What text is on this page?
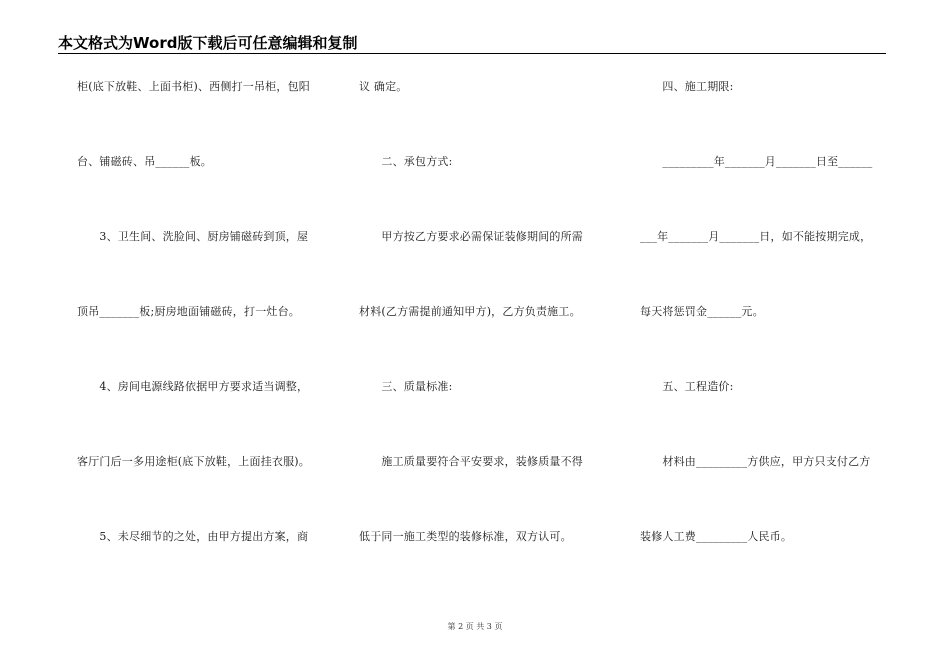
本文格式为Word版下载后可任意编辑和复制
柜(底下放鞋、上面书柜)、西侧打一吊柜，包阳
台、铺磁砖、吊______板。
　　3、卫生间、洗脸间、厨房铺磁砖到顶，屋
顶吊_______板;厨房地面铺磁砖，打一灶台。
　　4、房间电源线路依据甲方要求适当调整，
客厅门后一多用途柜(底下放鞋，上面挂衣服)。
　　5、未尽细节的之处，由甲方提出方案，商
议 确定。
　　二、承包方式:
　　甲方按乙方要求必需保证装修期间的所需
材料(乙方需提前通知甲方)，乙方负责施工。
　　三、质量标准:
　　施工质量要符合平安要求，装修质量不得
低于同一施工类型的装修标准，双方认可。
　　四、施工期限:
　　_________年_______月_______日至______
___年_______月_______日，如不能按期完成，
每天将惩罚金______元。
　　五、工程造价:
　　材料由_________方供应，甲方只支付乙方
装修人工费_________人民币。
第 2 页 共 3 页
